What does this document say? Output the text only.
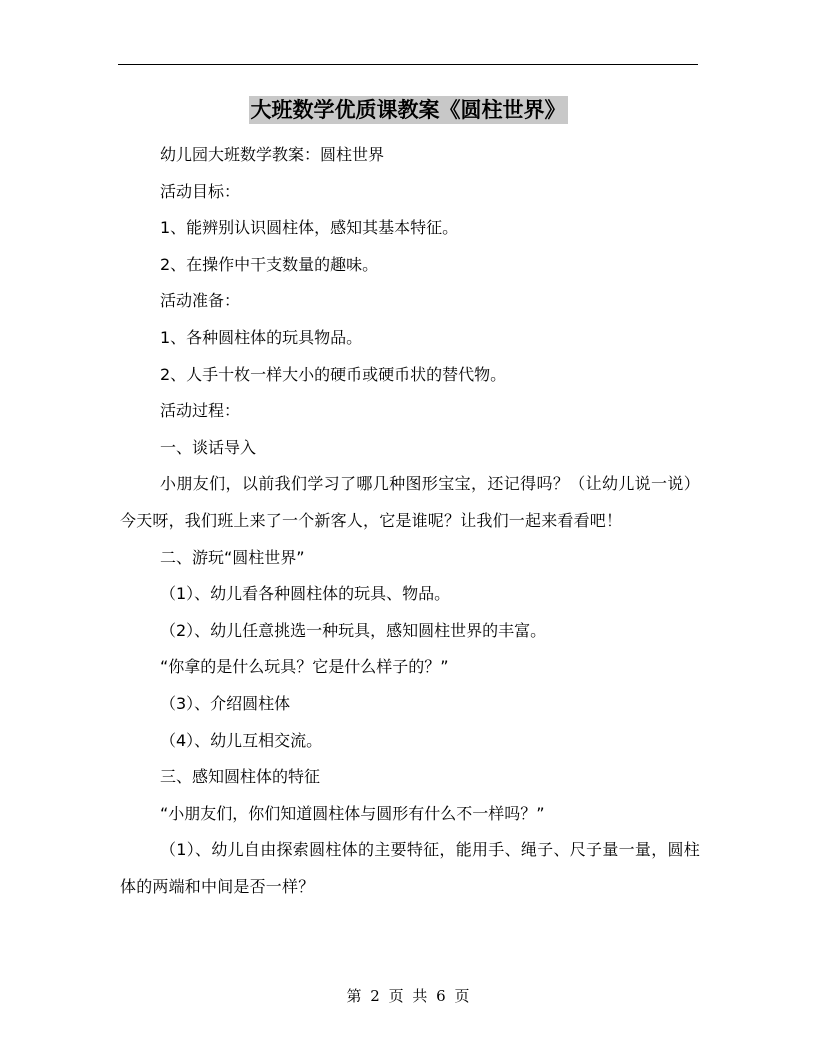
大班数学优质课教案《圆柱世界》

幼儿园大班数学教案：圆柱世界

活动目标：

1、能辨别认识圆柱体，感知其基本特征。

2、在操作中干支数量的趣味。

活动准备：

1、各种圆柱体的玩具物品。

2、人手十枚一样大小的硬币或硬币状的替代物。

活动过程：

一、谈话导入

小朋友们，以前我们学习了哪几种图形宝宝，还记得吗？（让幼儿说一说）今天呀，我们班上来了一个新客人，它是谁呢？让我们一起来看看吧！

二、游玩“圆柱世界”

（1）、幼儿看各种圆柱体的玩具、物品。

（2）、幼儿任意挑选一种玩具，感知圆柱世界的丰富。

“你拿的是什么玩具？它是什么样子的？”

（3）、介绍圆柱体

（4）、幼儿互相交流。

三、感知圆柱体的特征

“小朋友们，你们知道圆柱体与圆形有什么不一样吗？”

（1）、幼儿自由探索圆柱体的主要特征，能用手、绳子、尺子量一量，圆柱体的两端和中间是否一样？

第 2 页 共 6 页
